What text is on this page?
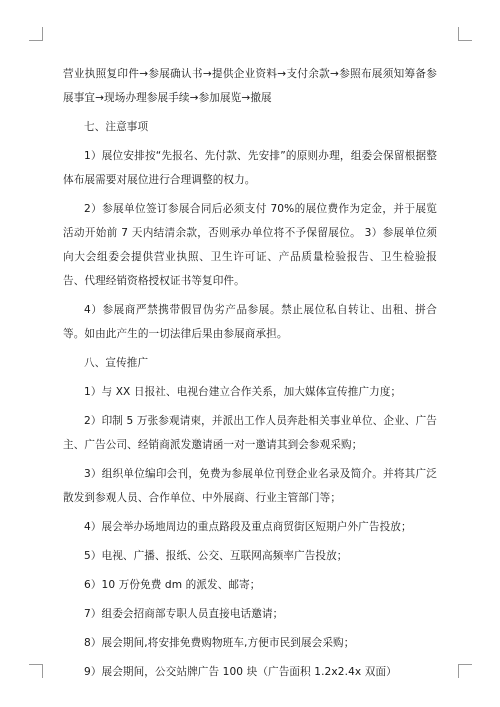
营业执照复印件→参展确认书→提供企业资料→支付余款→参照布展须知筹备参展事宜→现场办理参展手续→参加展览→撤展

七、注意事项

1）展位安排按“先报名、先付款、先安排”的原则办理，组委会保留根据整体布展需要对展位进行合理调整的权力。

2）参展单位签订参展合同后必须支付 70%的展位费作为定金，并于展览活动开始前 7 天内结清余款，否则承办单位将不予保留展位。 3）参展单位须向大会组委会提供营业执照、卫生许可证、产品质量检验报告、卫生检验报告、代理经销资格授权证书等复印件。

4）参展商严禁携带假冒伪劣产品参展。禁止展位私自转让、出租、拼合等。如由此产生的一切法律后果由参展商承担。

八、宣传推广

1）与 XX 日报社、电视台建立合作关系，加大媒体宣传推广力度；

2）印制 5 万张参观请柬，并派出工作人员奔赴相关事业单位、企业、广告主、广告公司、经销商派发邀请函一对一邀请其到会参观采购；

3）组织单位编印会刊，免费为参展单位刊登企业名录及简介。并将其广泛散发到参观人员、合作单位、中外展商、行业主管部门等；

4）展会举办场地周边的重点路段及重点商贸街区短期户外广告投放；

5）电视、广播、报纸、公交、互联网高频率广告投放；

6）10 万份免费 dm 的派发、邮寄；

7）组委会招商部专职人员直接电话邀请；

8）展会期间,将安排免费购物班车,方便市民到展会采购；

9）展会期间，公交站牌广告 100 块（广告面积 1.2x2.4x 双面）
